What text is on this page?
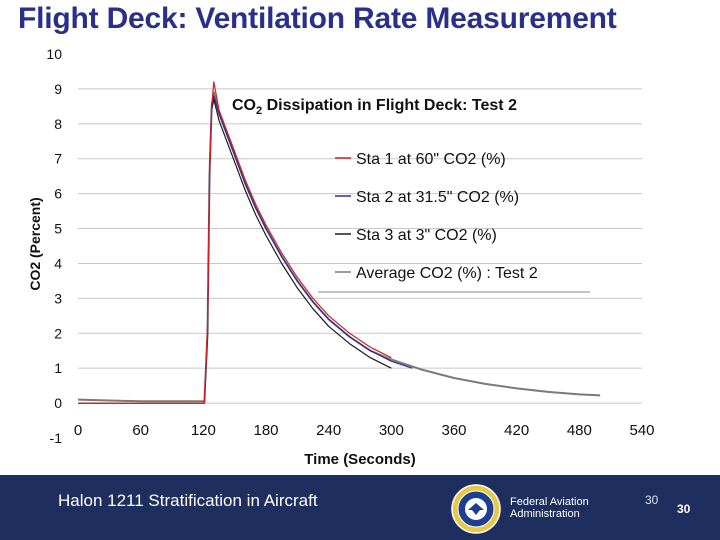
Flight Deck: Ventilation Rate Measurement
10
9
8
7
6
5
4
3
2
1
0
-1 0	60	120	180	240	300	360	420	480	540
Sta 1 at 60" CO2 (%)
Sta 2 at 31.5" CO2 (%)
Sta 3 at 3" CO2 (%)
Average CO2 (%) : Test 2
$CO_2$ Dissipation in Flight Deck: Test 2
Time (Seconds)
CO2 (Percent)
Halon 1211 Stratification in Aircraft	Federal Aviation
Administration
30
30
